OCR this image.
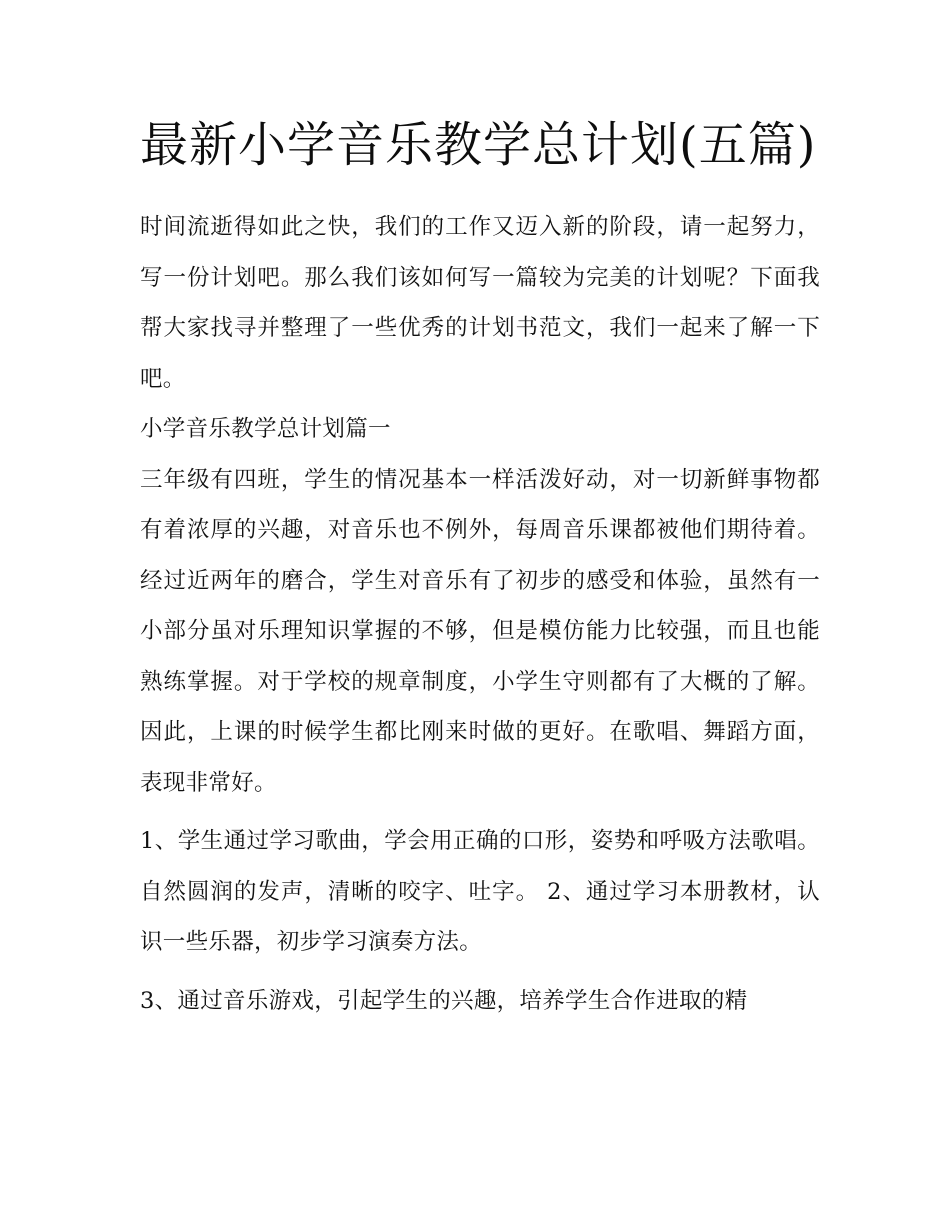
最新小学音乐教学总计划(五篇)

时间流逝得如此之快，我们的工作又迈入新的阶段，请一起努力，写一份计划吧。那么我们该如何写一篇较为完美的计划呢？下面我帮大家找寻并整理了一些优秀的计划书范文，我们一起来了解一下吧。

小学音乐教学总计划篇一

三年级有四班，学生的情况基本一样活泼好动，对一切新鲜事物都有着浓厚的兴趣，对音乐也不例外，每周音乐课都被他们期待着。经过近两年的磨合，学生对音乐有了初步的感受和体验，虽然有一小部分虽对乐理知识掌握的不够，但是模仿能力比较强，而且也能熟练掌握。对于学校的规章制度，小学生守则都有了大概的了解。因此，上课的时候学生都比刚来时做的更好。在歌唱、舞蹈方面，表现非常好。

1、学生通过学习歌曲，学会用正确的口形，姿势和呼吸方法歌唱。自然圆润的发声，清晰的咬字、吐字。 2、通过学习本册教材，认识一些乐器，初步学习演奏方法。

3、通过音乐游戏，引起学生的兴趣，培养学生合作进取的精
